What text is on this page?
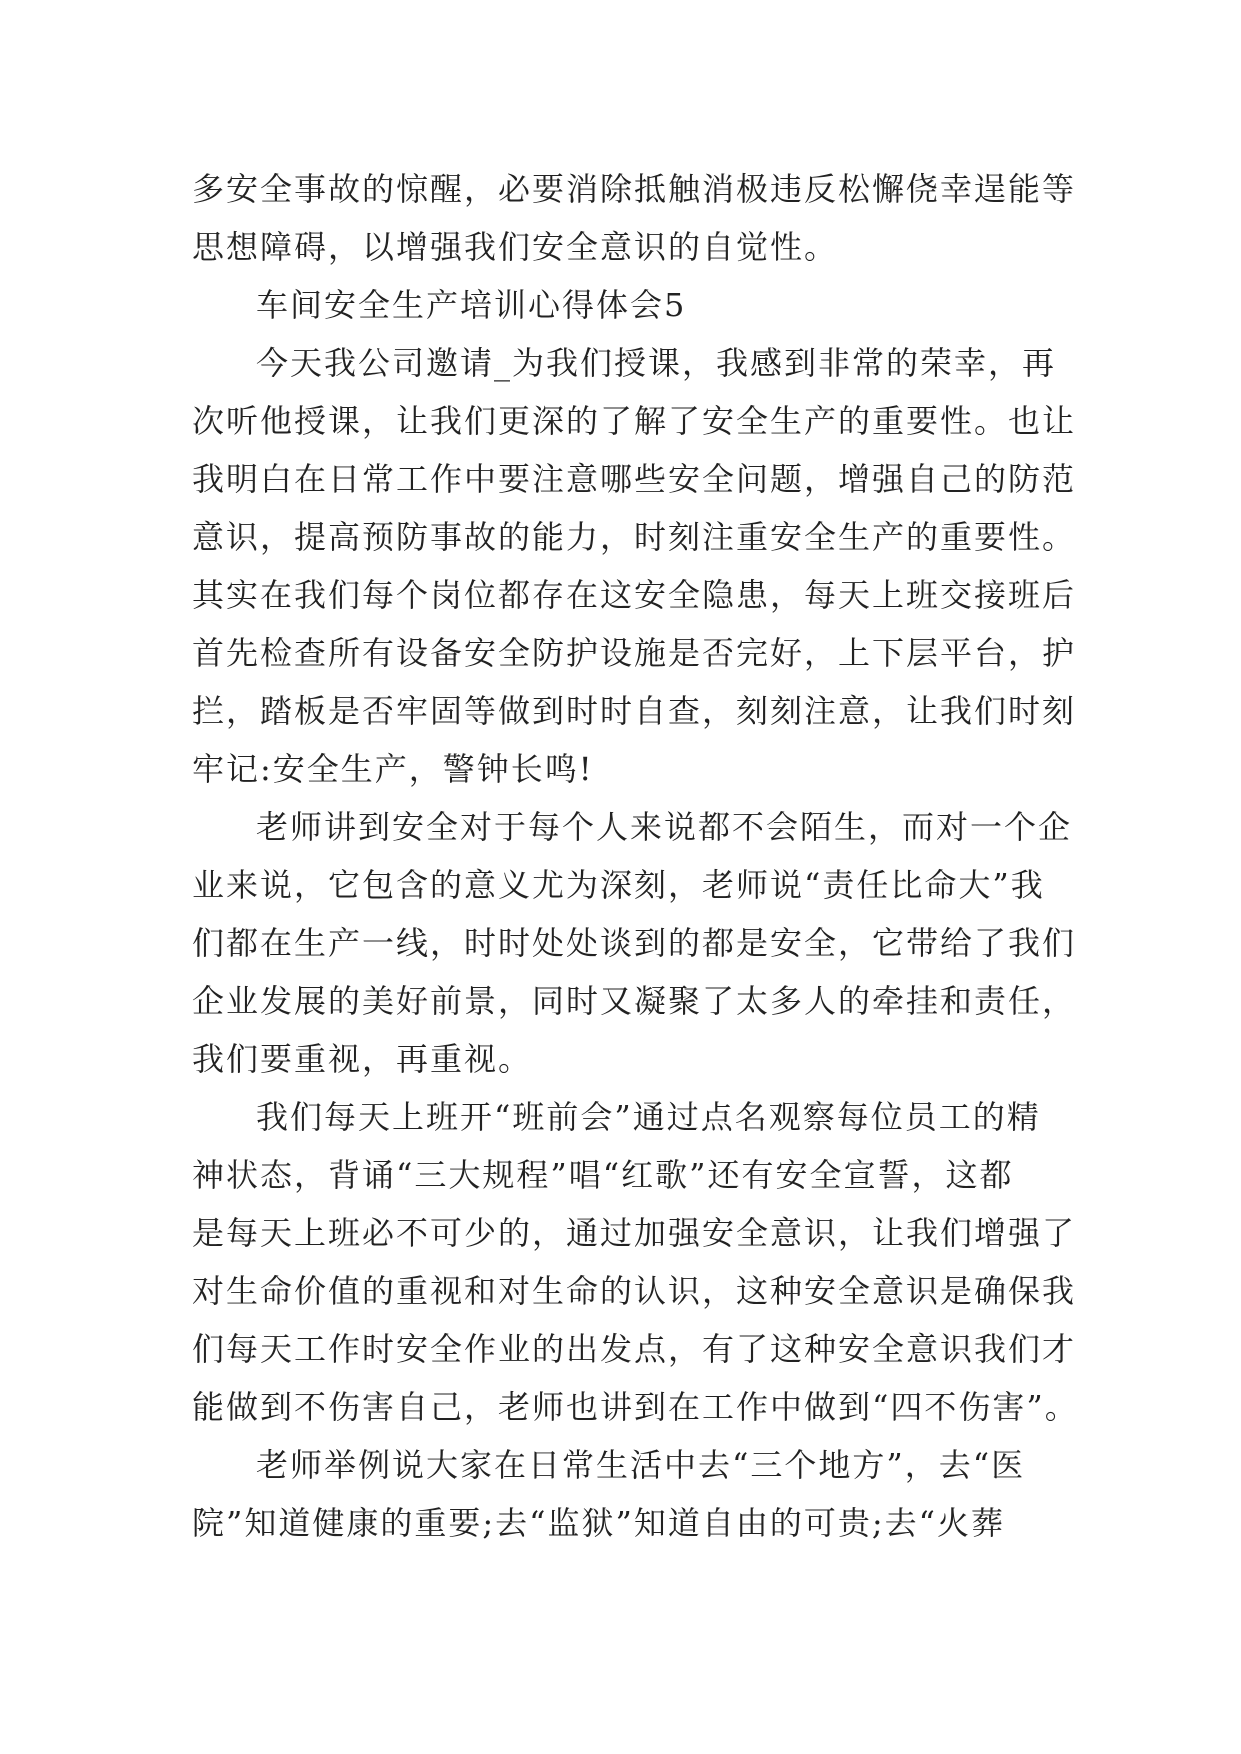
多安全事故的惊醒，必要消除抵触消极违反松懈侥幸逞能等
思想障碍，以增强我们安全意识的自觉性。
车间安全生产培训心得体会5
今天我公司邀请_为我们授课，我感到非常的荣幸，再
次听他授课，让我们更深的了解了安全生产的重要性。也让
我明白在日常工作中要注意哪些安全问题，增强自己的防范
意识，提高预防事故的能力，时刻注重安全生产的重要性。
其实在我们每个岗位都存在这安全隐患，每天上班交接班后
首先检查所有设备安全防护设施是否完好，上下层平台，护
拦，踏板是否牢固等做到时时自查，刻刻注意，让我们时刻
牢记:安全生产，警钟长鸣!
老师讲到安全对于每个人来说都不会陌生，而对一个企
业来说，它包含的意义尤为深刻，老师说“责任比命大”我
们都在生产一线，时时处处谈到的都是安全，它带给了我们
企业发展的美好前景，同时又凝聚了太多人的牵挂和责任，
我们要重视，再重视。
我们每天上班开“班前会”通过点名观察每位员工的精
神状态，背诵“三大规程”唱“红歌”还有安全宣誓，这都
是每天上班必不可少的，通过加强安全意识，让我们增强了
对生命价值的重视和对生命的认识，这种安全意识是确保我
们每天工作时安全作业的出发点，有了这种安全意识我们才
能做到不伤害自己，老师也讲到在工作中做到“四不伤害”。
老师举例说大家在日常生活中去“三个地方”，去“医
院”知道健康的重要;去“监狱”知道自由的可贵;去“火葬
